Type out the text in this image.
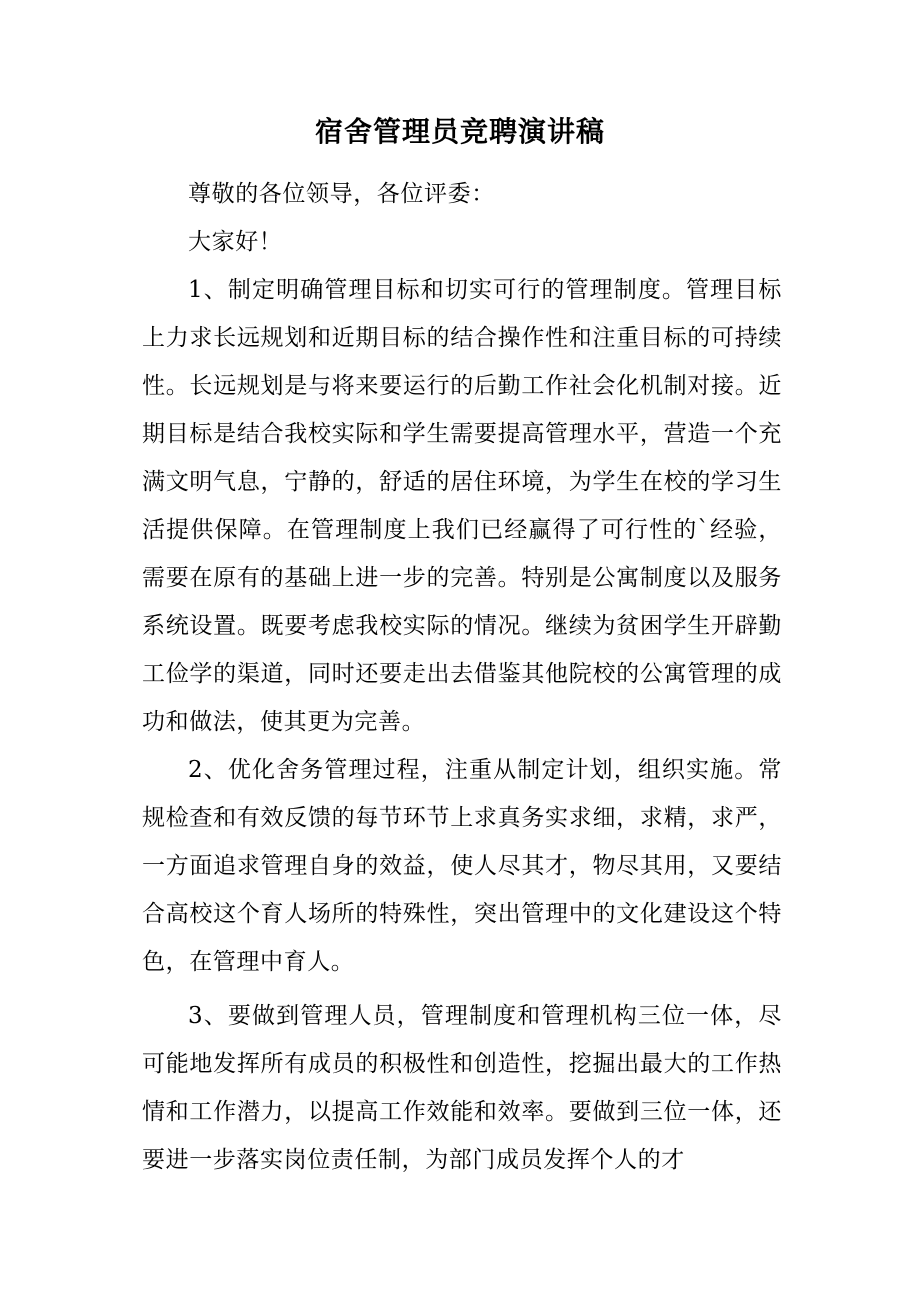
宿舍管理员竞聘演讲稿

尊敬的各位领导，各位评委：

大家好！

1、制定明确管理目标和切实可行的管理制度。管理目标上力求长远规划和近期目标的结合操作性和注重目标的可持续性。长远规划是与将来要运行的后勤工作社会化机制对接。近期目标是结合我校实际和学生需要提高管理水平，营造一个充满文明气息，宁静的，舒适的居住环境，为学生在校的学习生活提供保障。在管理制度上我们已经赢得了可行性的`经验，需要在原有的基础上进一步的完善。特别是公寓制度以及服务系统设置。既要考虑我校实际的情况。继续为贫困学生开辟勤工俭学的渠道，同时还要走出去借鉴其他院校的公寓管理的成功和做法，使其更为完善。

2、优化舍务管理过程，注重从制定计划，组织实施。常规检查和有效反馈的每节环节上求真务实求细，求精，求严，一方面追求管理自身的效益，使人尽其才，物尽其用，又要结合高校这个育人场所的特殊性，突出管理中的文化建设这个特色，在管理中育人。

3、要做到管理人员，管理制度和管理机构三位一体，尽可能地发挥所有成员的积极性和创造性，挖掘出最大的工作热情和工作潜力，以提高工作效能和效率。要做到三位一体，还要进一步落实岗位责任制，为部门成员发挥个人的才
